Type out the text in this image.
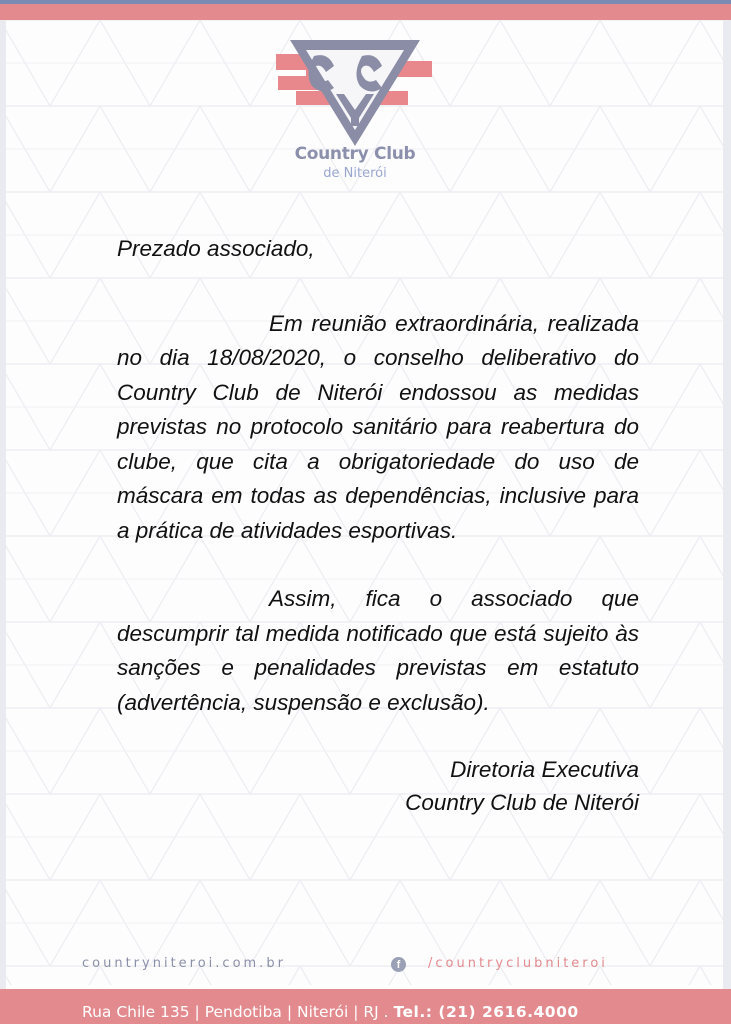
Country Club
de Niterói

Prezado associado,

Em reunião extraordinária, realizada no dia 18/08/2020, o conselho deliberativo do Country Club de Niterói endossou as medidas previstas no protocolo sanitário para reabertura do clube, que cita a obrigatoriedade do uso de máscara em todas as dependências, inclusive para a prática de atividades esportivas.

Assim, fica o associado que descumprir tal medida notificado que está sujeito às sanções e penalidades previstas em estatuto (advertência, suspensão e exclusão).

Diretoria Executiva
Country Club de Niterói
countryniteroi.com.br	f	/countryclubniteroi
Rua Chile 135 | Pendotiba | Niterói | RJ . Tel.: (21) 2616.4000
